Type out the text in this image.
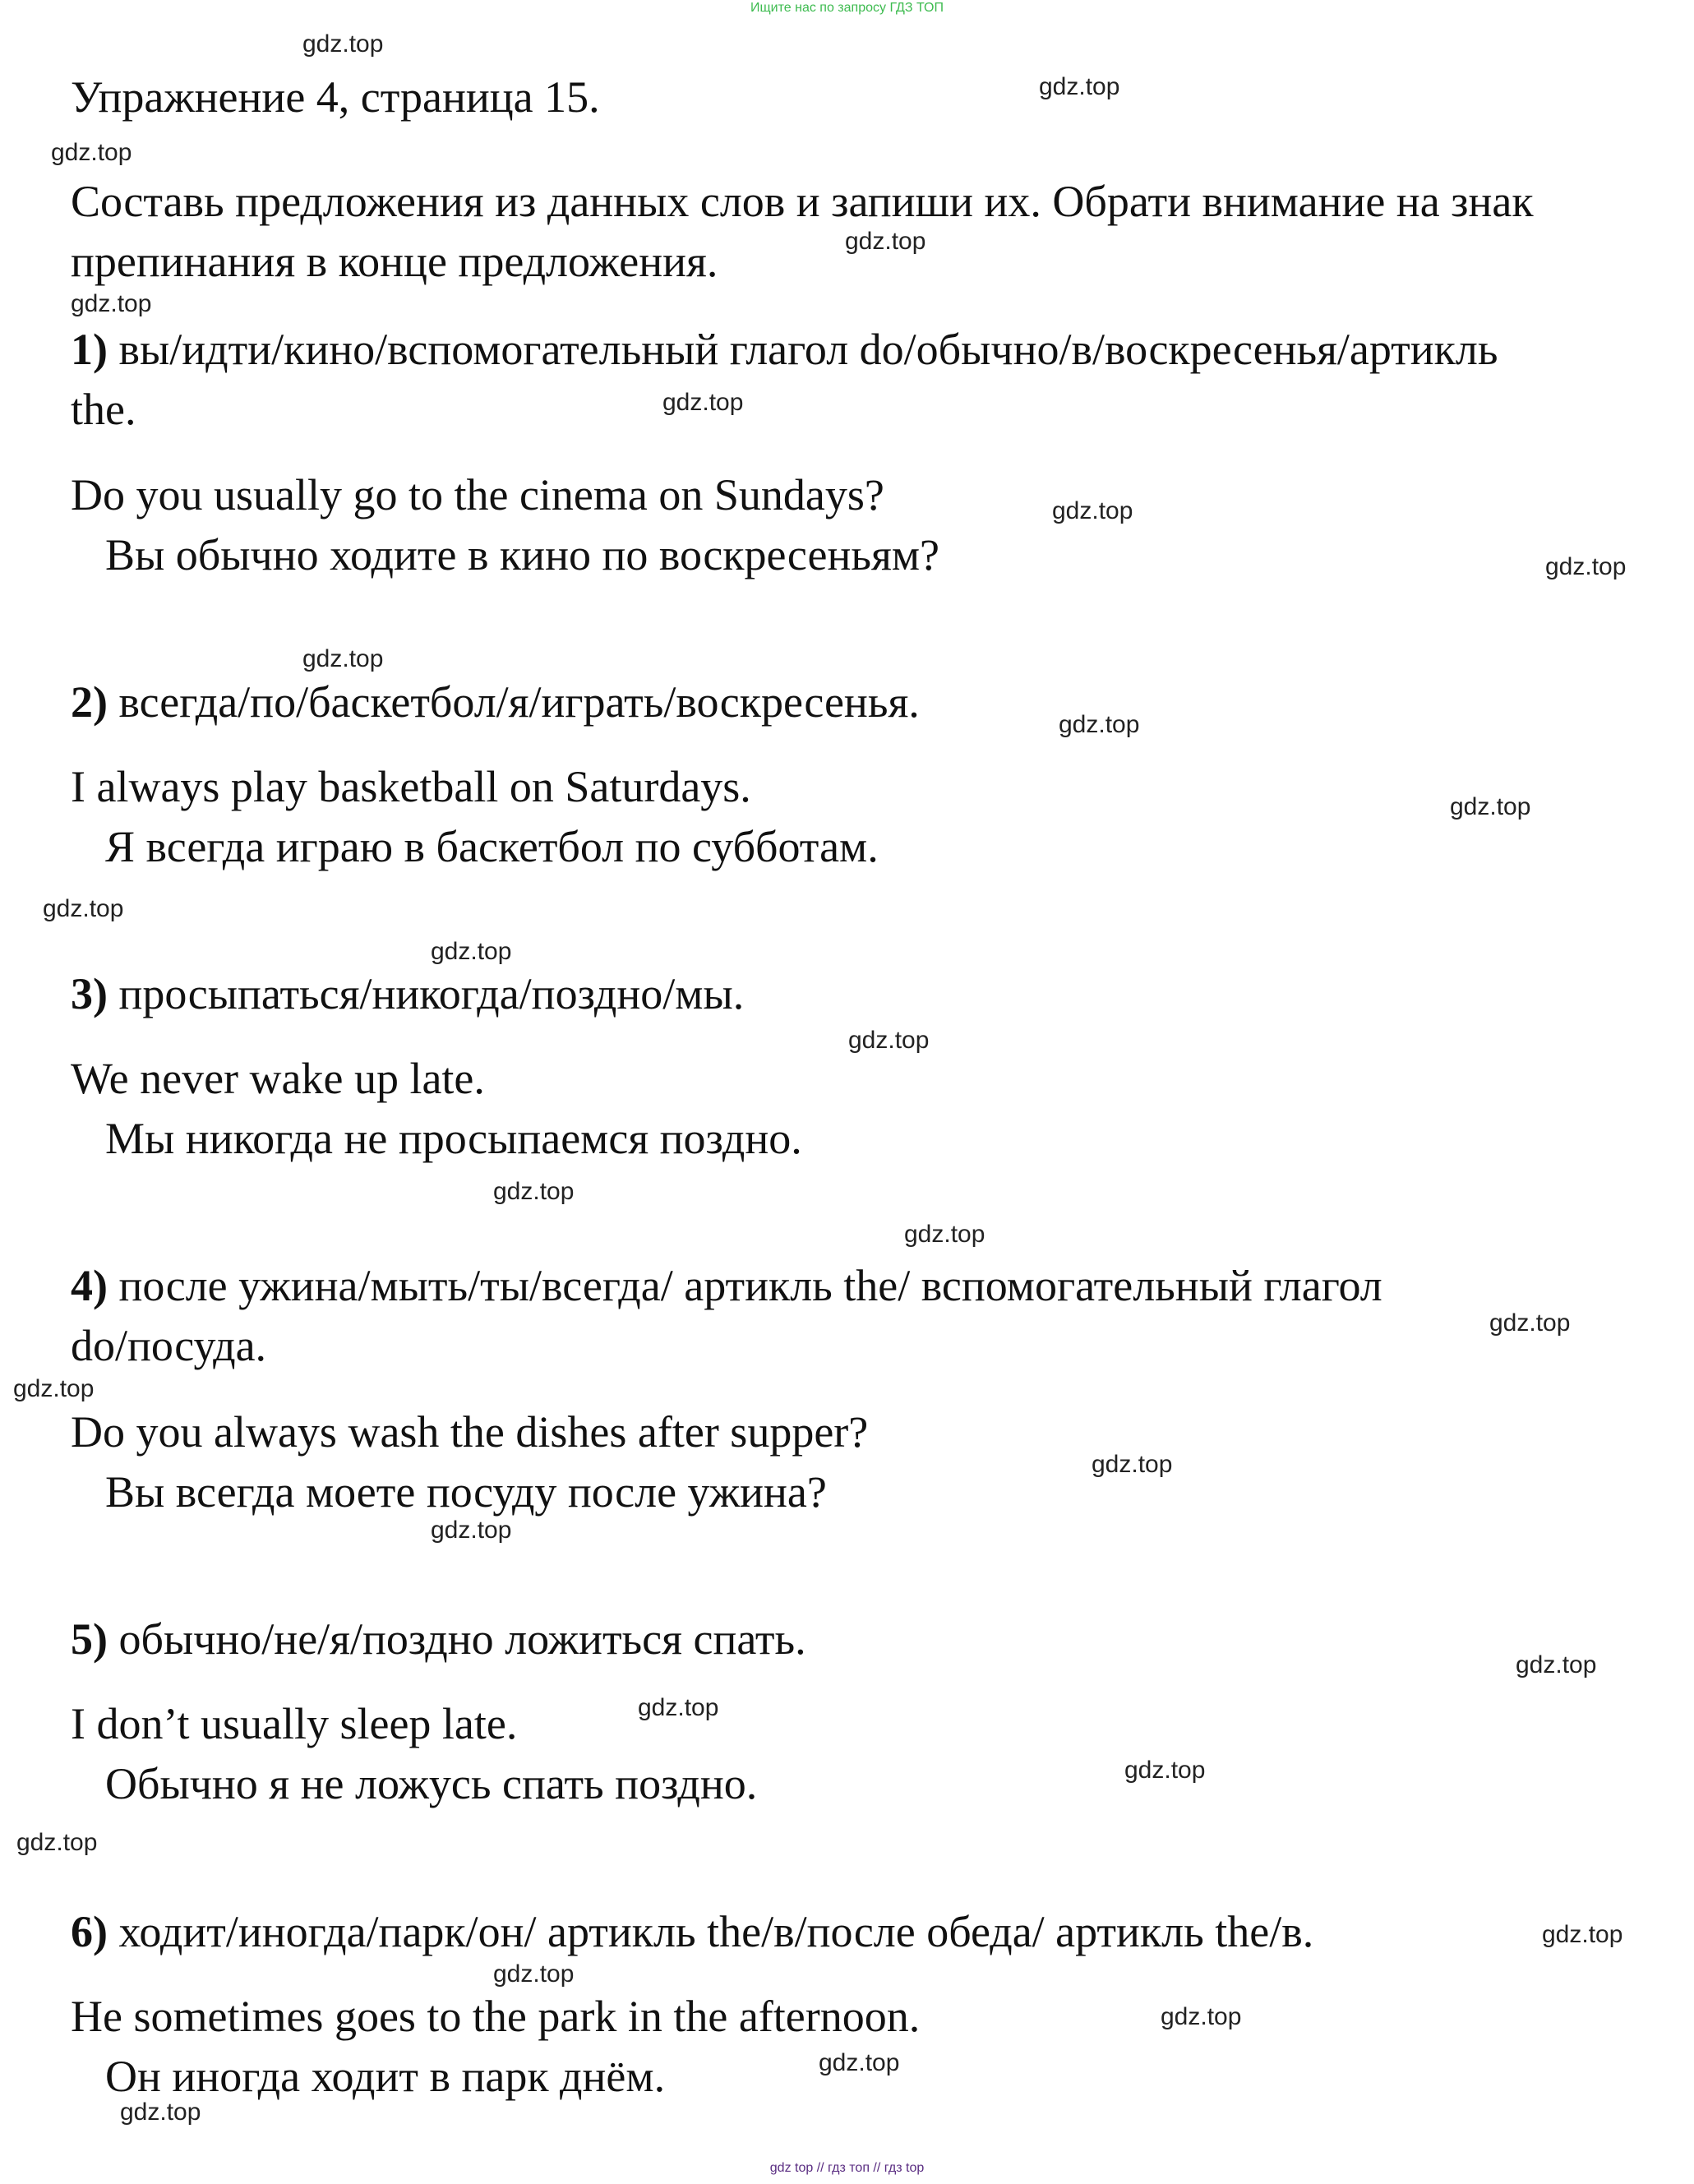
Ищите нас по запросу ГДЗ ТОП
Упражнение 4, страница 15.
Составь предложения из данных слов и запиши их. Обрати внимание на знак
препинания в конце предложения.
1) вы/идти/кино/вспомогательный глагол do/обычно/в/воскресенья/артикль
the.
Do you usually go to the cinema on Sundays?
Вы обычно ходите в кино по воскресеньям?
2) всегда/по/баскетбол/я/играть/воскресенья.
I always play basketball on Saturdays.
Я всегда играю в баскетбол по субботам.
3) просыпаться/никогда/поздно/мы.
We never wake up late.
Мы никогда не просыпаемся поздно.
4) после ужина/мыть/ты/всегда/ артикль the/ вспомогательный глагол
do/посуда.
Do you always wash the dishes after supper?
Вы всегда моете посуду после ужина?
5) обычно/не/я/поздно ложиться спать.
I don’t usually sleep late.
Обычно я не ложусь спать поздно.
6) ходит/иногда/парк/он/ артикль the/в/после обеда/ артикль the/в.
He sometimes goes to the park in the afternoon.
Он иногда ходит в парк днём.
gdz.top
gdz.top
gdz.top
gdz.top
gdz.top
gdz.top
gdz.top
gdz.top
gdz.top
gdz.top
gdz.top
gdz.top
gdz.top
gdz.top
gdz.top
gdz.top
gdz.top
gdz.top
gdz.top
gdz.top
gdz.top
gdz.top
gdz.top
gdz.top
gdz.top
gdz.top
gdz.top
gdz.top
gdz.top
gdz top // гдз топ // гдз top
